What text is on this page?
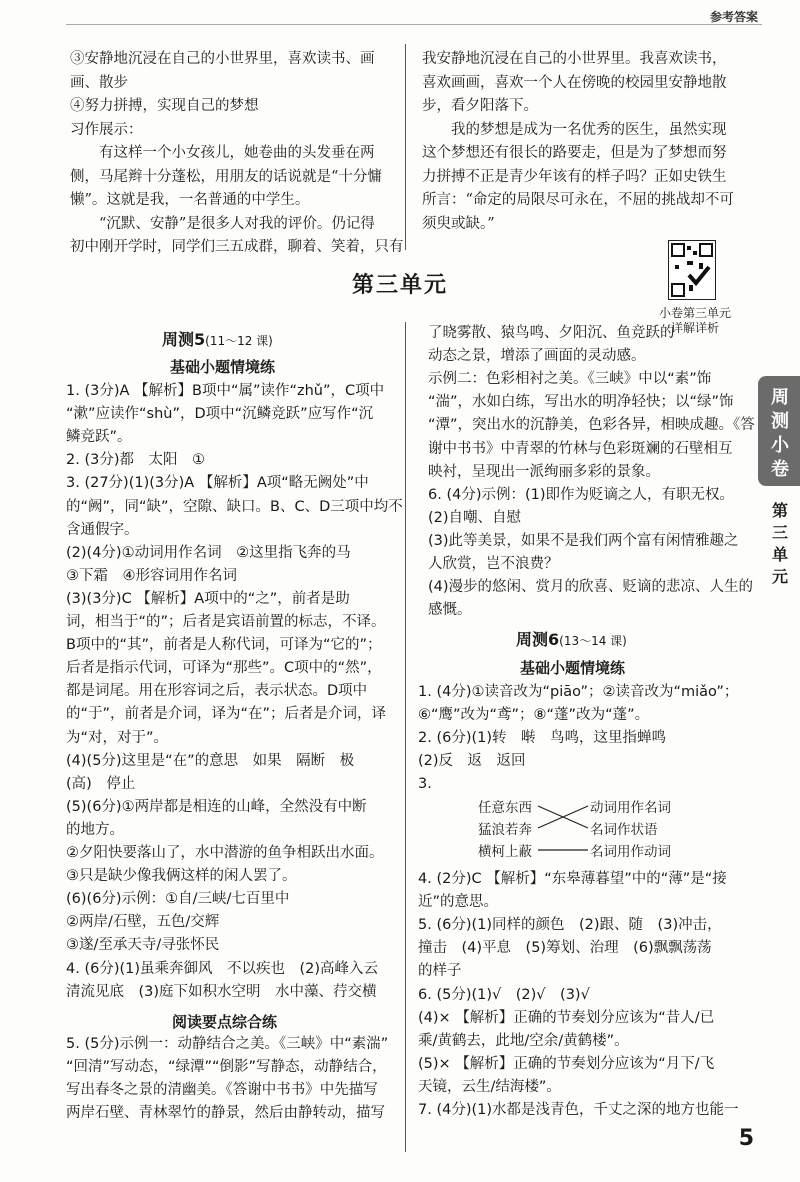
参考答案
③安静地沉浸在自己的小世界里，喜欢读书、画
画、散步
④努力拼搏，实现自己的梦想
习作展示：
　　有这样一个小女孩儿，她卷曲的头发垂在两
侧，马尾辫十分蓬松，用朋友的话说就是“十分慵
懒”。这就是我，一名普通的中学生。
　　“沉默、安静”是很多人对我的评价。仍记得
初中刚开学时，同学们三五成群，聊着、笑着，只有
我安静地沉浸在自己的小世界里。我喜欢读书，
喜欢画画，喜欢一个人在傍晚的校园里安静地散
步，看夕阳落下。
　　我的梦想是成为一名优秀的医生，虽然实现
这个梦想还有很长的路要走，但是为了梦想而努
力拼搏不正是青少年该有的样子吗？正如史铁生
所言：“命定的局限尽可永在，不屈的挑战却不可
须臾或缺。”
第三单元
小卷第三单元
详解详析
周测5(11～12 课)
基础小题情境练
1. (3分)A 【解析】B项中“属”读作“zhǔ”，C项中
“漱”应读作“shù”，D项中“沉鳞竞跃”应写作“沉
鳞竞跃”。
2. (3分)都　太阳　①
3. (27分)(1)(3分)A 【解析】A项“略无阙处”中
的“阙”，同“缺”，空隙、缺口。B、C、D三项中均不
含通假字。
(2)(4分)①动词用作名词　②这里指飞奔的马
③下霜　④形容词用作名词
(3)(3分)C 【解析】A项中的“之”，前者是助
词，相当于“的”；后者是宾语前置的标志，不译。
B项中的“其”，前者是人称代词，可译为“它的”；
后者是指示代词，可译为“那些”。C项中的“然”，
都是词尾。用在形容词之后，表示状态。D项中
的“于”，前者是介词，译为“在”；后者是介词，译
为“对，对于”。
(4)(5分)这里是“在”的意思　如果　隔断　极
(高)　停止
(5)(6分)①两岸都是相连的山峰，全然没有中断
的地方。
②夕阳快要落山了，水中潜游的鱼争相跃出水面。
③只是缺少像我俩这样的闲人罢了。
(6)(6分)示例：①自/三峡/七百里中
②两岸/石壁，五色/交辉
③遂/至承天寺/寻张怀民
4. (6分)(1)虽乘奔御风　不以疾也　(2)高峰入云
清流见底　(3)庭下如积水空明　水中藻、荇交横
阅读要点综合练
5. (5分)示例一：动静结合之美。《三峡》中“素湍”
“回清”写动态，“绿潭”“倒影”写静态，动静结合，
写出春冬之景的清幽美。《答谢中书书》中先描写
两岸石壁、青林翠竹的静景，然后由静转动，描写
了晓雾散、猿鸟鸣、夕阳沉、鱼竞跃的
动态之景，增添了画面的灵动感。
示例二：色彩相衬之美。《三峡》中以“素”饰
“湍”，水如白练，写出水的明净轻快；以“绿”饰
“潭”，突出水的沉静美，色彩各异，相映成趣。《答
谢中书书》中青翠的竹林与色彩斑斓的石壁相互
映衬，呈现出一派绚丽多彩的景象。
6. (4分)示例：(1)即作为贬谪之人，有职无权。
(2)自嘲、自慰
(3)此等美景，如果不是我们两个富有闲情雅趣之
人欣赏，岂不浪费？
(4)漫步的悠闲、赏月的欣喜、贬谪的悲凉、人生的
感慨。
周测6(13～14 课)
基础小题情境练
1. (4分)①读音改为“piāo”；②读音改为“miǎo”；
⑥“鹰”改为“鸢”；⑧“蓬”改为“蓬”。
2. (6分)(1)转　啭　鸟鸣，这里指蝉鸣
(2)反　返　返回
3.
任意东西
猛浪若奔
横柯上蔽
动词用作名词
名词作状语
名词用作动词
4. (2分)C 【解析】“东皋薄暮望”中的“薄”是“接
近”的意思。
5. (6分)(1)同样的颜色　(2)跟、随　(3)冲击，
撞击　(4)平息　(5)筹划、治理　(6)飘飘荡荡
的样子
6. (5分)(1)√　(2)√　(3)√
(4)× 【解析】正确的节奏划分应该为“昔人/已
乘/黄鹤去，此地/空余/黄鹤楼”。
(5)× 【解析】正确的节奏划分应该为“月下/飞
天镜，云生/结海楼”。
7. (4分)(1)水都是浅青色，千丈之深的地方也能一
周测小卷
第三单元
5
